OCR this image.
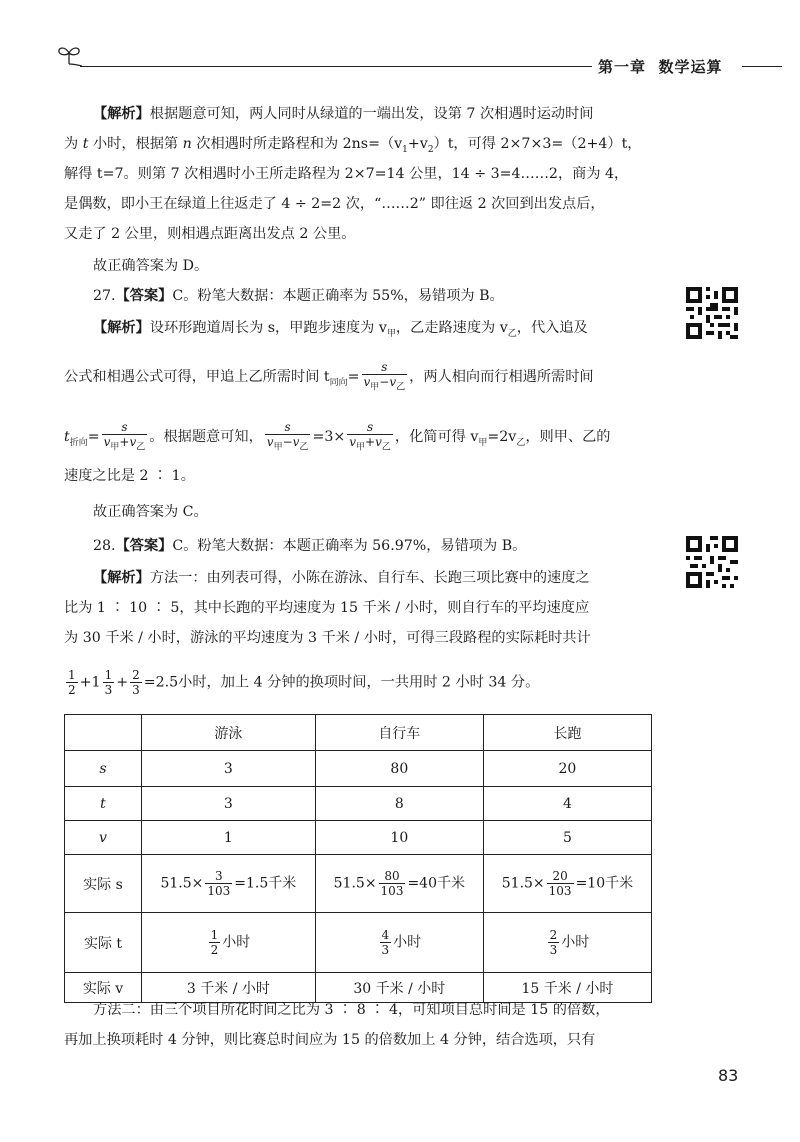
第一章 数学运算
【解析】根据题意可知，两人同时从绿道的一端出发，设第 7 次相遇时运动时间
为 t 小时，根据第 n 次相遇时所走路程和为 $2ns=(v_1+v_2)t$，可得 2×7×3=（2+4）t，
解得 t=7。则第 7 次相遇时小王所走路程为 2×7=14 公里，14 ÷ 3=4……2，商为 4，
是偶数，即小王在绿道上往返走了 4 ÷ 2=2 次，“……2” 即往返 2 次回到出发点后，
又走了 2 公里，则相遇点距离出发点 2 公里。
故正确答案为 D。
27.【答案】C。粉笔大数据：本题正确率为 55%，易错项为 B。
【解析】设环形跑道周长为 s，甲跑步速度为 $v_甲$，乙走路速度为 $v_乙$，代入追及
公式和相遇公式可得，甲追上乙所需时间 $t_{同向}= \frac{s}{v_甲-v_乙}$ ，两人相向而行相遇所需时间
$t_{折向}= \frac{s}{v_甲+v_乙}$ 。根据题意可知， $\frac{s}{v_甲-v_乙} =3\times \frac{s}{v_甲+v_乙}$ ，化简可得 $v_甲=2v_乙$，则甲、乙的
速度之比是 2 ∶ 1。
故正确答案为 C。
28.【答案】C。粉笔大数据：本题正确率为 56.97%，易错项为 B。
【解析】方法一：由列表可得，小陈在游泳、自行车、长跑三项比赛中的速度之
比为 1 ∶ 10 ∶ 5，其中长跑的平均速度为 15 千米 / 小时，则自行车的平均速度应
为 30 千米 / 小时，游泳的平均速度为 3 千米 / 小时，可得三段路程的实际耗时共计
$\frac{1}{2} +1 \frac{1}{3} + \frac{2}{3} =2.5$小时，加上 4 分钟的换项时间，一共用时 2 小时 34 分。
	游泳	自行车	长跑
s	3	80	20
t	3	8	4
v	1	10	5
实际 s	$51.5\times \frac{3}{103} =1.5$千米	$51.5\times \frac{80}{103} =40$千米	$51.5\times \frac{20}{103} =10$千米
实际 t	$\frac{1}{2}$ 小时	$\frac{4}{3}$ 小时	$\frac{2}{3}$ 小时
实际 v	3 千米 / 小时	30 千米 / 小时	15 千米 / 小时
方法二：由三个项目所花时间之比为 3 ∶ 8 ∶ 4，可知项目总时间是 15 的倍数，
再加上换项耗时 4 分钟，则比赛总时间应为 15 的倍数加上 4 分钟，结合选项，只有
83
